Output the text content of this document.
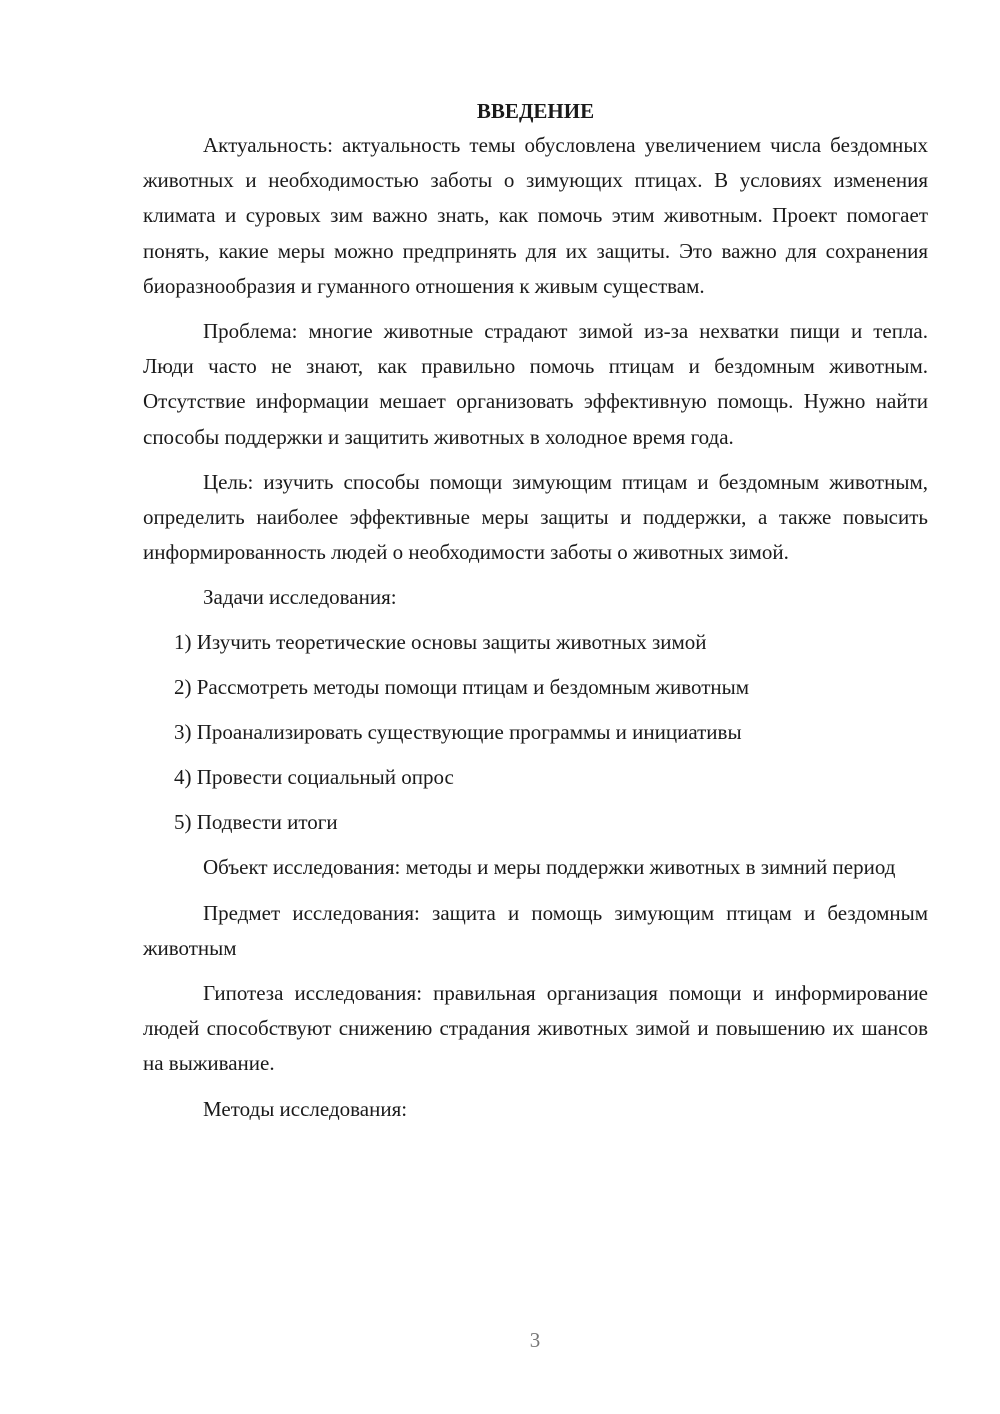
ВВЕДЕНИЕ

Актуальность: актуальность темы обусловлена увеличением числа бездомных животных и необходимостью заботы о зимующих птицах. В условиях изменения климата и суровых зим важно знать, как помочь этим животным. Проект помогает понять, какие меры можно предпринять для их защиты. Это важно для сохранения биоразнообразия и гуманного отношения к живым существам.

Проблема: многие животные страдают зимой из-за нехватки пищи и тепла. Люди часто не знают, как правильно помочь птицам и бездомным животным. Отсутствие информации мешает организовать эффективную помощь. Нужно найти способы поддержки и защитить животных в холодное время года.

Цель: изучить способы помощи зимующим птицам и бездомным животным, определить наиболее эффективные меры защиты и поддержки, а также повысить информированность людей о необходимости заботы о животных зимой.

Задачи исследования:

1) Изучить теоретические основы защиты животных зимой
2) Рассмотреть методы помощи птицам и бездомным животным
3) Проанализировать существующие программы и инициативы
4) Провести социальный опрос
5) Подвести итоги

Объект исследования: методы и меры поддержки животных в зимний период

Предмет исследования: защита и помощь зимующим птицам и бездомным животным

Гипотеза исследования: правильная организация помощи и информирование людей способствуют снижению страдания животных зимой и повышению их шансов на выживание.

Методы исследования:

3
